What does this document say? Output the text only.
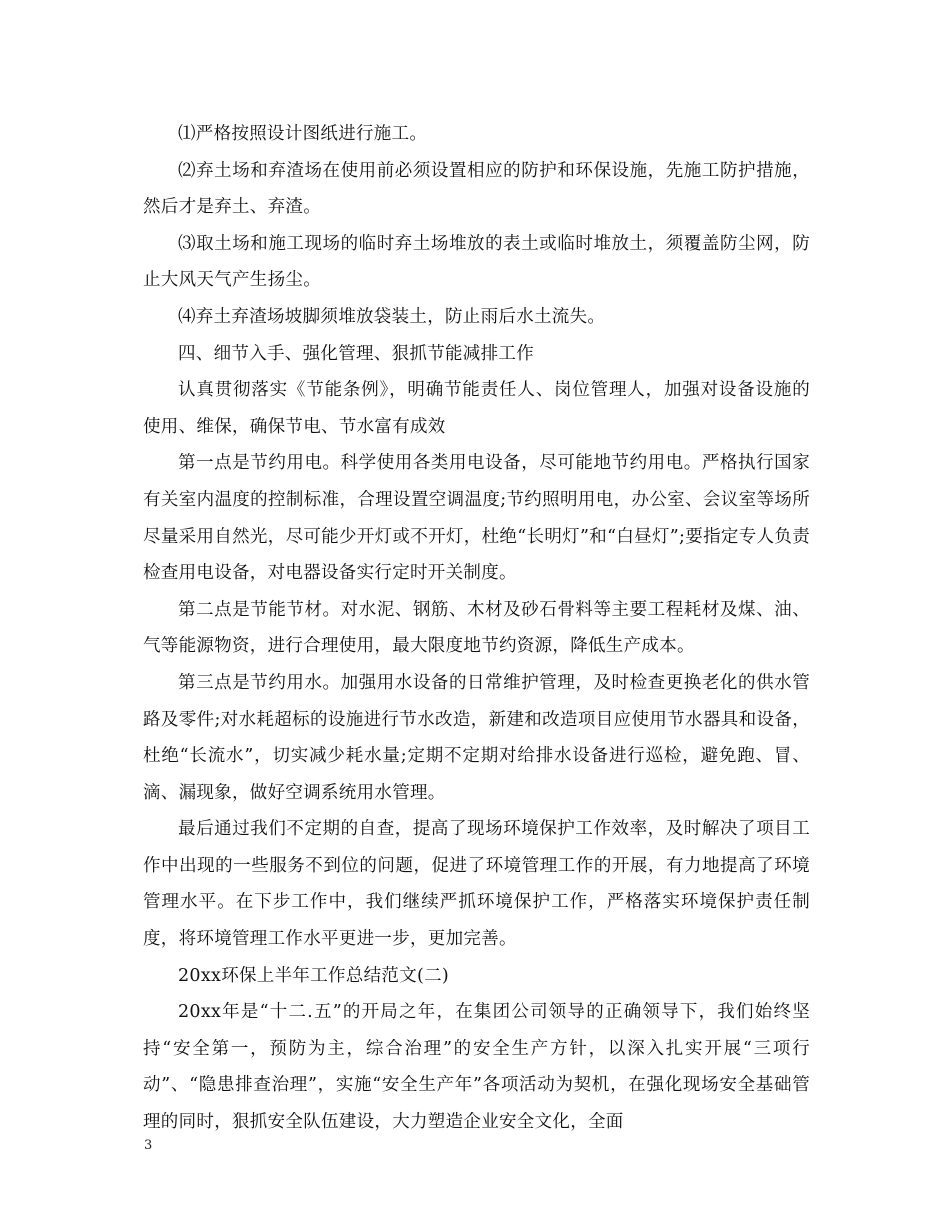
⑴严格按照设计图纸进行施工。

⑵弃土场和弃渣场在使用前必须设置相应的防护和环保设施，先施工防护措施，然后才是弃土、弃渣。

⑶取土场和施工现场的临时弃土场堆放的表土或临时堆放土，须覆盖防尘网，防止大风天气产生扬尘。

⑷弃土弃渣场坡脚须堆放袋装土，防止雨后水土流失。

四、细节入手、强化管理、狠抓节能减排工作

认真贯彻落实《节能条例》，明确节能责任人、岗位管理人，加强对设备设施的使用、维保，确保节电、节水富有成效

第一点是节约用电。科学使用各类用电设备，尽可能地节约用电。严格执行国家有关室内温度的控制标准，合理设置空调温度;节约照明用电，办公室、会议室等场所尽量采用自然光，尽可能少开灯或不开灯，杜绝“长明灯”和“白昼灯”;要指定专人负责检查用电设备，对电器设备实行定时开关制度。

第二点是节能节材。对水泥、钢筋、木材及砂石骨料等主要工程耗材及煤、油、气等能源物资，进行合理使用，最大限度地节约资源，降低生产成本。

第三点是节约用水。加强用水设备的日常维护管理，及时检查更换老化的供水管路及零件;对水耗超标的设施进行节水改造，新建和改造项目应使用节水器具和设备，杜绝“长流水”，切实减少耗水量;定期不定期对给排水设备进行巡检，避免跑、冒、滴、漏现象，做好空调系统用水管理。

最后通过我们不定期的自查，提高了现场环境保护工作效率，及时解决了项目工作中出现的一些服务不到位的问题，促进了环境管理工作的开展，有力地提高了环境管理水平。在下步工作中，我们继续严抓环境保护工作，严格落实环境保护责任制度，将环境管理工作水平更进一步，更加完善。

20xx环保上半年工作总结范文(二)

20xx年是“十二.五”的开局之年，在集团公司领导的正确领导下，我们始终坚持“安全第一，预防为主，综合治理”的安全生产方针，以深入扎实开展“三项行动”、“隐患排查治理”，实施“安全生产年”各项活动为契机，在强化现场安全基础管理的同时，狠抓安全队伍建设，大力塑造企业安全文化，全面

3
